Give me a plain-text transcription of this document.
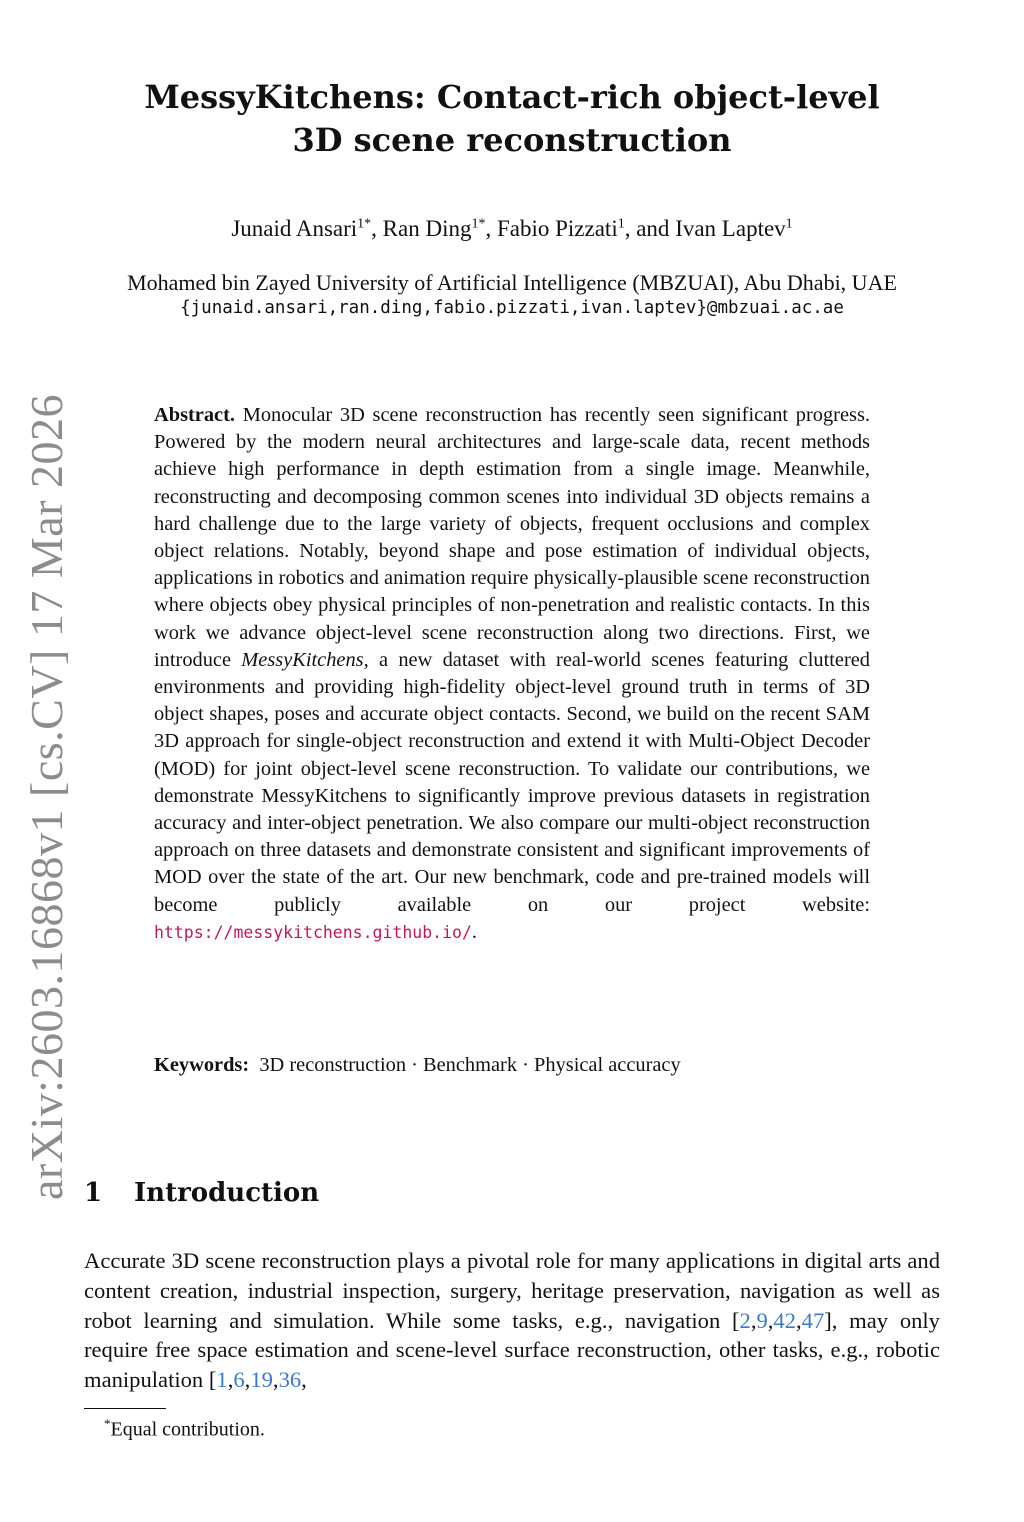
arXiv:2603.16868v1 [cs.CV] 17 Mar 2026
MessyKitchens: Contact-rich object-level
3D scene reconstruction
Junaid Ansari$^{1*}$, Ran Ding$^{1*}$, Fabio Pizzati$^1$, and Ivan Laptev$^1$
Mohamed bin Zayed University of Artificial Intelligence (MBZUAI), Abu Dhabi, UAE
{junaid.ansari,ran.ding,fabio.pizzati,ivan.laptev}@mbzuai.ac.ae
Abstract. Monocular 3D scene reconstruction has recently seen significant progress. Powered by the modern neural architectures and large-scale data, recent methods achieve high performance in depth estimation from a single image. Meanwhile, reconstructing and decomposing common scenes into individual 3D objects remains a hard challenge due to the large variety of objects, frequent occlusions and complex object relations. Notably, beyond shape and pose estimation of individual objects, applications in robotics and animation require physically-plausible scene reconstruction where objects obey physical principles of non-penetration and realistic contacts. In this work we advance object-level scene reconstruction along two directions. First, we introduce MessyKitchens, a new dataset with real-world scenes featuring cluttered environments and providing high-fidelity object-level ground truth in terms of 3D object shapes, poses and accurate object contacts. Second, we build on the recent SAM 3D approach for single-object reconstruction and extend it with Multi-Object Decoder (MOD) for joint object-level scene reconstruction. To validate our contributions, we demonstrate MessyKitchens to significantly improve previous datasets in registration accuracy and inter-object penetration. We also compare our multi-object reconstruction approach on three datasets and demonstrate consistent and significant improvements of MOD over the state of the art. Our new benchmark, code and pre-trained models will become publicly available on our project website: https://messykitchens.github.io/.
Keywords: 3D reconstruction · Benchmark · Physical accuracy
1 Introduction
Accurate 3D scene reconstruction plays a pivotal role for many applications in digital arts and content creation, industrial inspection, surgery, heritage preservation, navigation as well as robot learning and simulation. While some tasks, e.g., navigation [2,9,42,47], may only require free space estimation and scene-level surface reconstruction, other tasks, e.g., robotic manipulation [1,6,19,36,
*Equal contribution.
